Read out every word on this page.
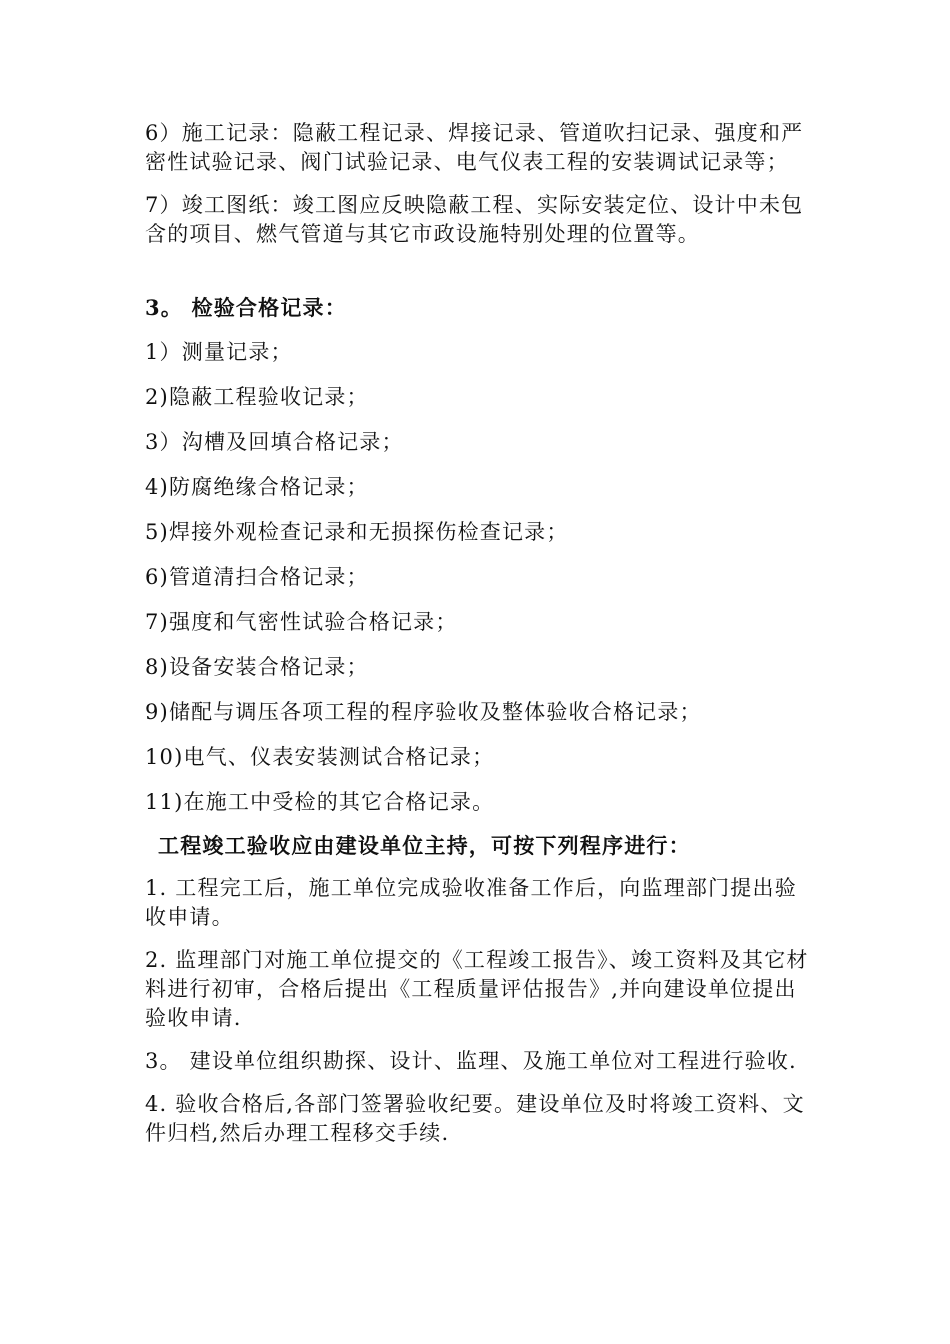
6）施工记录：隐蔽工程记录、焊接记录、管道吹扫记录、强度和严密性试验记录、阀门试验记录、电气仪表工程的安装调试记录等；

7）竣工图纸：竣工图应反映隐蔽工程、实际安装定位、设计中未包含的项目、燃气管道与其它市政设施特别处理的位置等。

3。 检验合格记录：

1）测量记录；

2)隐蔽工程验收记录；

3）沟槽及回填合格记录；

4)防腐绝缘合格记录；

5)焊接外观检查记录和无损探伤检查记录；

6)管道清扫合格记录；

7)强度和气密性试验合格记录；

8)设备安装合格记录；

9)储配与调压各项工程的程序验收及整体验收合格记录；

10)电气、仪表安装测试合格记录；

11)在施工中受检的其它合格记录。

工程竣工验收应由建设单位主持，可按下列程序进行：

1. 工程完工后，施工单位完成验收准备工作后，向监理部门提出验收申请。

2. 监理部门对施工单位提交的《工程竣工报告》、竣工资料及其它材料进行初审，合格后提出《工程质量评估报告》,并向建设单位提出验收申请.

3。 建设单位组织勘探、设计、监理、及施工单位对工程进行验收.

4. 验收合格后,各部门签署验收纪要。建设单位及时将竣工资料、文件归档,然后办理工程移交手续.
